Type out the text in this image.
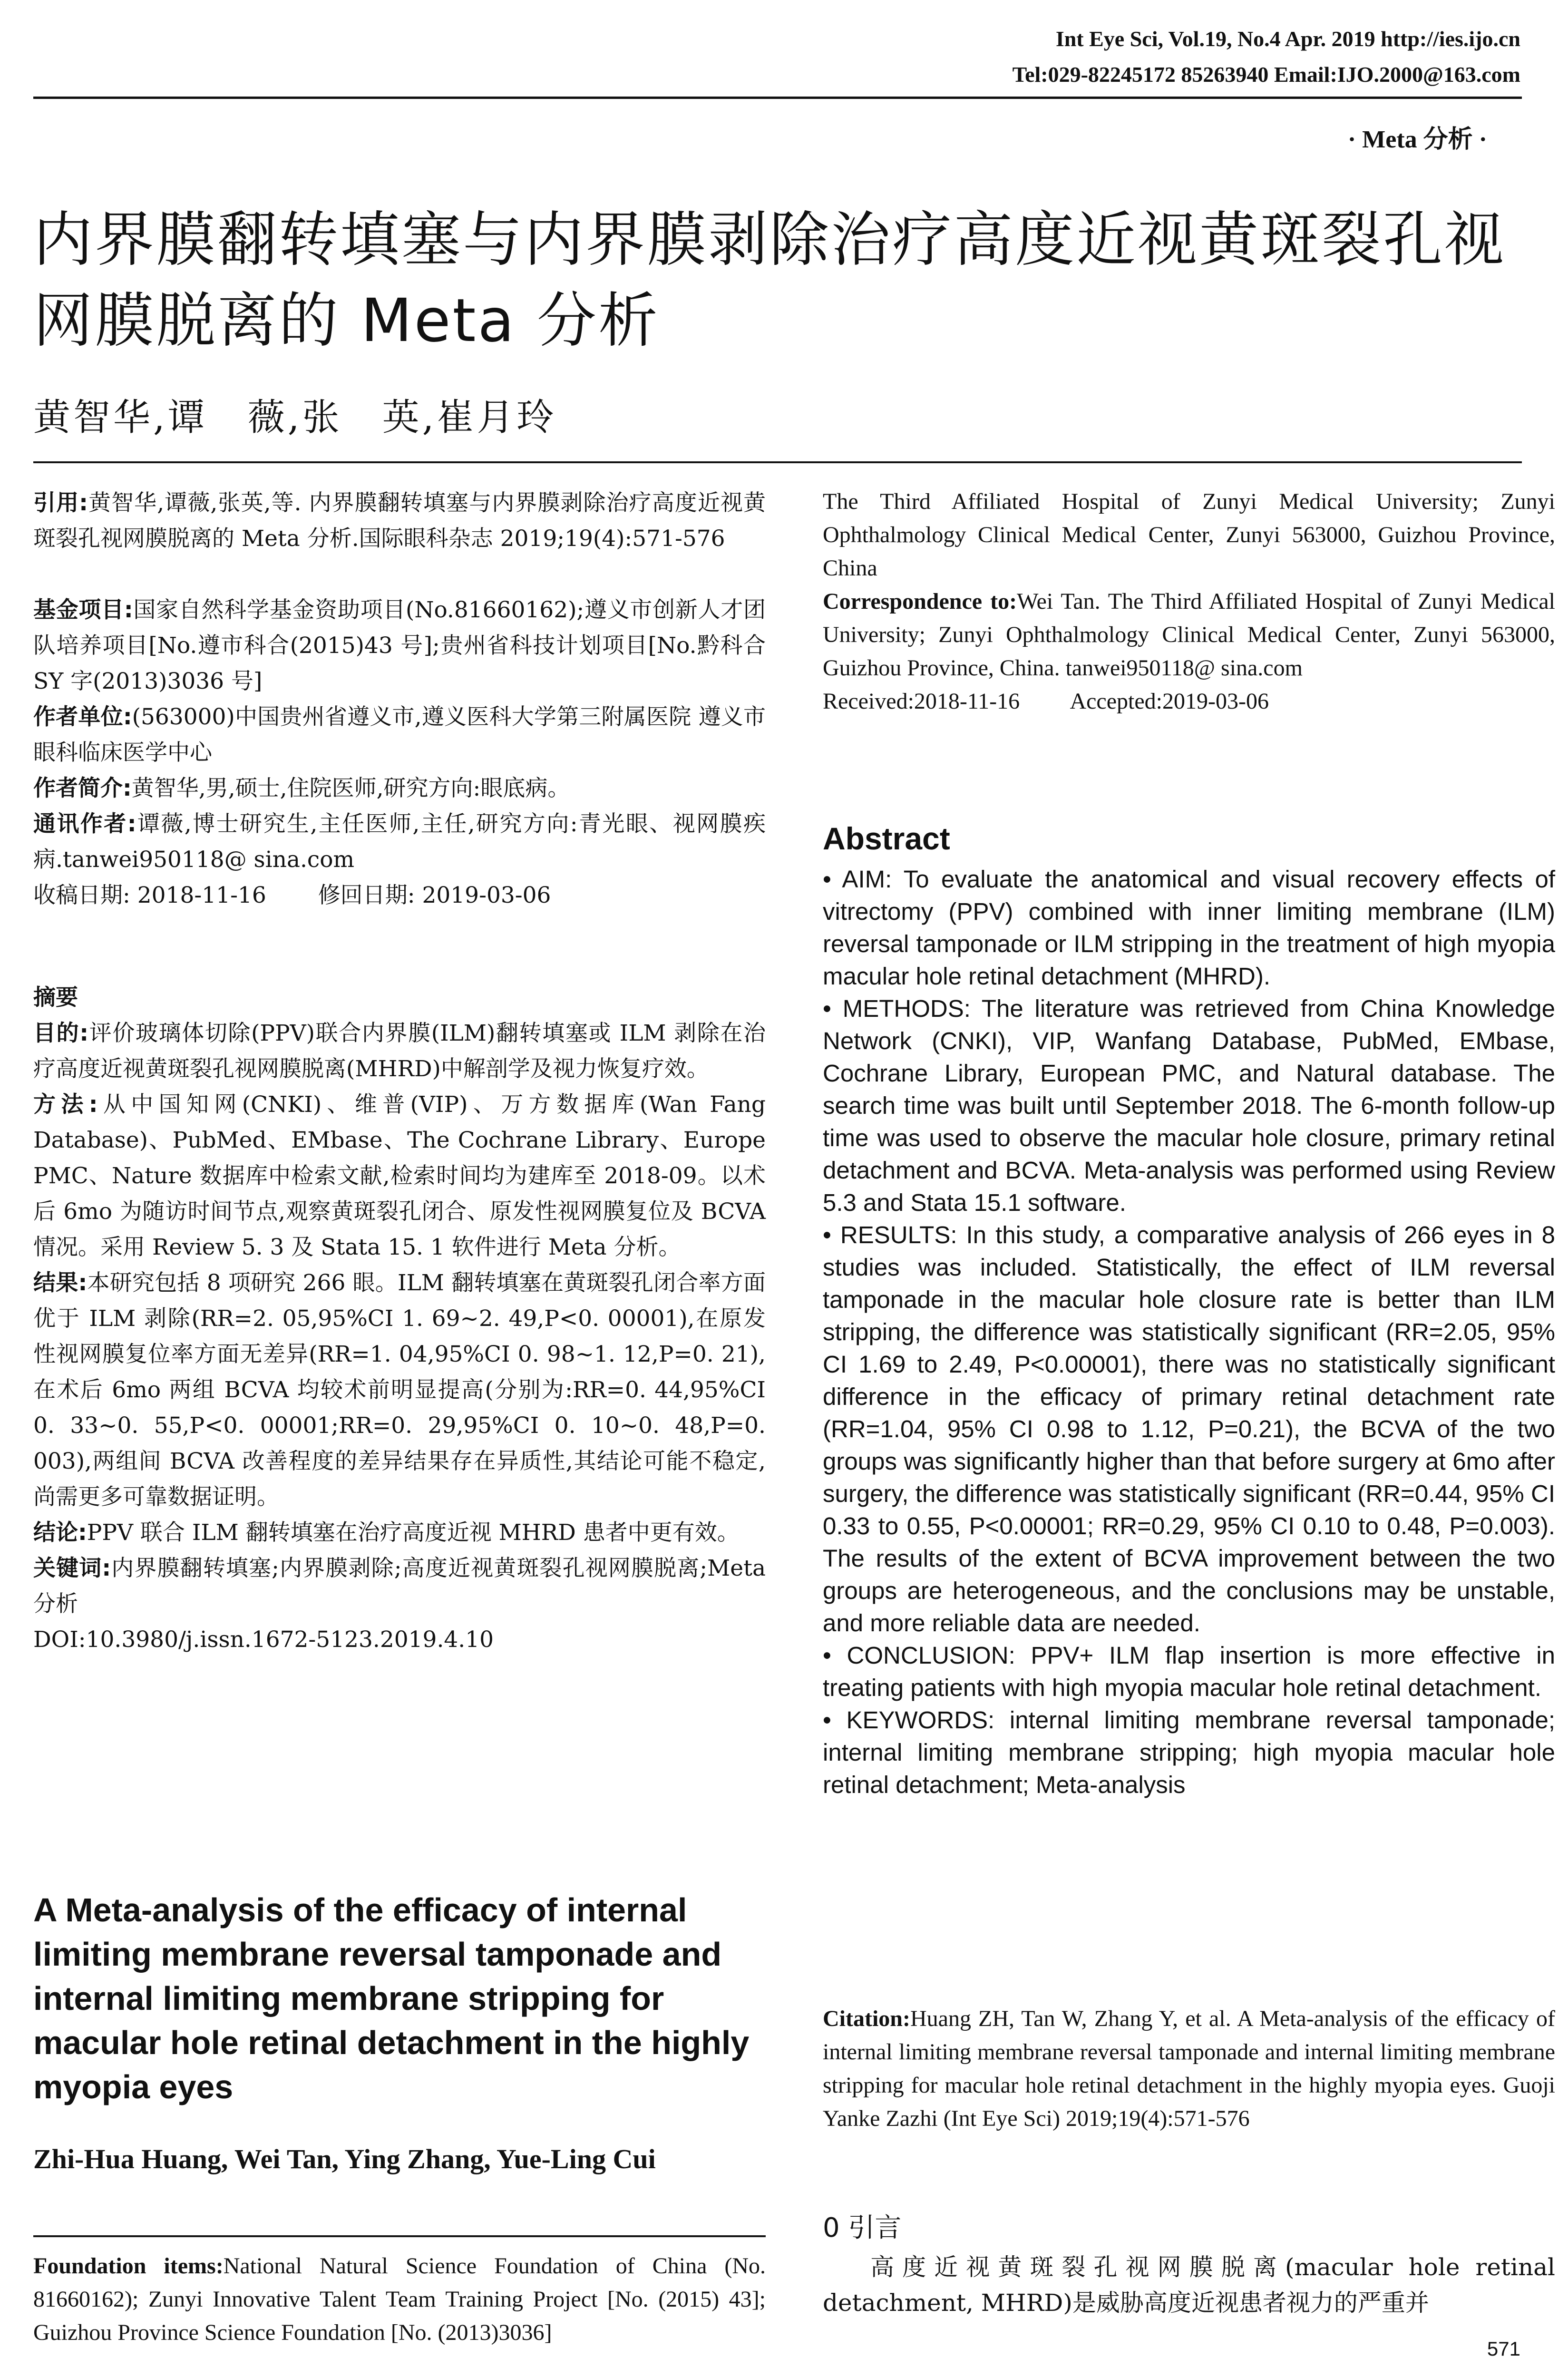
Int Eye Sci, Vol.19, No.4 Apr. 2019 http://ies.ijo.cn
Tel:029-82245172 85263940 Email:IJO.2000@163.com
· Meta 分析 ·
内界膜翻转填塞与内界膜剥除治疗高度近视黄斑裂孔视
网膜脱离的 Meta 分析
黄智华,谭　薇,张　英,崔月玲

引用:黄智华,谭薇,张英,等. 内界膜翻转填塞与内界膜剥除治疗高度近视黄斑裂孔视网膜脱离的 Meta 分析.国际眼科杂志 2019;19(4):571-576

基金项目:国家自然科学基金资助项目(No.81660162);遵义市创新人才团队培养项目[No.遵市科合(2015)43 号];贵州省科技计划项目[No.黔科合 SY 字(2013)3036 号]

作者单位:(563000)中国贵州省遵义市,遵义医科大学第三附属医院 遵义市眼科临床医学中心

作者简介:黄智华,男,硕士,住院医师,研究方向:眼底病。

通讯作者:谭薇,博士研究生,主任医师,主任,研究方向:青光眼、视网膜疾病.tanwei950118@ sina.com

收稿日期: 2018-11-16　　 修回日期: 2019-03-06

摘要

目的:评价玻璃体切除(PPV)联合内界膜(ILM)翻转填塞或 ILM 剥除在治疗高度近视黄斑裂孔视网膜脱离(MHRD)中解剖学及视力恢复疗效。

方法:从中国知网(CNKI)、维普(VIP)、万方数据库(Wan Fang Database)、PubMed、EMbase、The Cochrane Library、Europe PMC、Nature 数据库中检索文献,检索时间均为建库至 2018-09。以术后 6mo 为随访时间节点,观察黄斑裂孔闭合、原发性视网膜复位及 BCVA 情况。采用 Review 5. 3 及 Stata 15. 1 软件进行 Meta 分析。

结果:本研究包括 8 项研究 266 眼。ILM 翻转填塞在黄斑裂孔闭合率方面优于 ILM 剥除(RR=2. 05,95%CI 1. 69~2. 49,P<0. 00001),在原发性视网膜复位率方面无差异(RR=1. 04,95%CI 0. 98~1. 12,P=0. 21),在术后 6mo 两组 BCVA 均较术前明显提高(分别为:RR=0. 44,95%CI 0. 33~0. 55,P<0. 00001;RR=0. 29,95%CI 0. 10~0. 48,P=0. 003),两组间 BCVA 改善程度的差异结果存在异质性,其结论可能不稳定,尚需更多可靠数据证明。

结论:PPV 联合 ILM 翻转填塞在治疗高度近视 MHRD 患者中更有效。

关键词:内界膜翻转填塞;内界膜剥除;高度近视黄斑裂孔视网膜脱离;Meta 分析

DOI:10.3980/j.issn.1672-5123.2019.4.10

A Meta-analysis of the efficacy of internal limiting membrane reversal tamponade and internal limiting membrane stripping for macular hole retinal detachment in the highly myopia eyes
Zhi-Hua Huang, Wei Tan, Ying Zhang, Yue-Ling Cui
Foundation items:National Natural Science Foundation of China (No. 81660162); Zunyi Innovative Talent Team Training Project [No. (2015) 43]; Guizhou Province Science Foundation [No. (2013)3036]

The Third Affiliated Hospital of Zunyi Medical University; Zunyi Ophthalmology Clinical Medical Center, Zunyi 563000, Guizhou Province, China

Correspondence to:Wei Tan. The Third Affiliated Hospital of Zunyi Medical University; Zunyi Ophthalmology Clinical Medical Center, Zunyi 563000, Guizhou Province, China. tanwei950118@ sina.com

Received:2018-11-16　　 Accepted:2019-03-06

Abstract

• AIM: To evaluate the anatomical and visual recovery effects of vitrectomy (PPV) combined with inner limiting membrane (ILM) reversal tamponade or ILM stripping in the treatment of high myopia macular hole retinal detachment (MHRD).

• METHODS: The literature was retrieved from China Knowledge Network (CNKI), VIP, Wanfang Database, PubMed, EMbase, Cochrane Library, European PMC, and Natural database. The search time was built until September 2018. The 6-month follow-up time was used to observe the macular hole closure, primary retinal detachment and BCVA. Meta-analysis was performed using Review 5.3 and Stata 15.1 software.

• RESULTS: In this study, a comparative analysis of 266 eyes in 8 studies was included. Statistically, the effect of ILM reversal tamponade in the macular hole closure rate is better than ILM stripping, the difference was statistically significant (RR=2.05, 95% CI 1.69 to 2.49, P<0.00001), there was no statistically significant difference in the efficacy of primary retinal detachment rate (RR=1.04, 95% CI 0.98 to 1.12, P=0.21), the BCVA of the two groups was significantly higher than that before surgery at 6mo after surgery, the difference was statistically significant (RR=0.44, 95% CI 0.33 to 0.55, P<0.00001; RR=0.29, 95% CI 0.10 to 0.48, P=0.003). The results of the extent of BCVA improvement between the two groups are heterogeneous, and the conclusions may be unstable, and more reliable data are needed.

• CONCLUSION: PPV+ ILM flap insertion is more effective in treating patients with high myopia macular hole retinal detachment.

• KEYWORDS: internal limiting membrane reversal tamponade; internal limiting membrane stripping; high myopia macular hole retinal detachment; Meta-analysis

Citation:Huang ZH, Tan W, Zhang Y, et al. A Meta-analysis of the efficacy of internal limiting membrane reversal tamponade and internal limiting membrane stripping for macular hole retinal detachment in the highly myopia eyes. Guoji Yanke Zazhi (Int Eye Sci) 2019;19(4):571-576
0 引言
高度近视黄斑裂孔视网膜脱离(macular hole retinal detachment, MHRD)是威胁高度近视患者视力的严重并
571
